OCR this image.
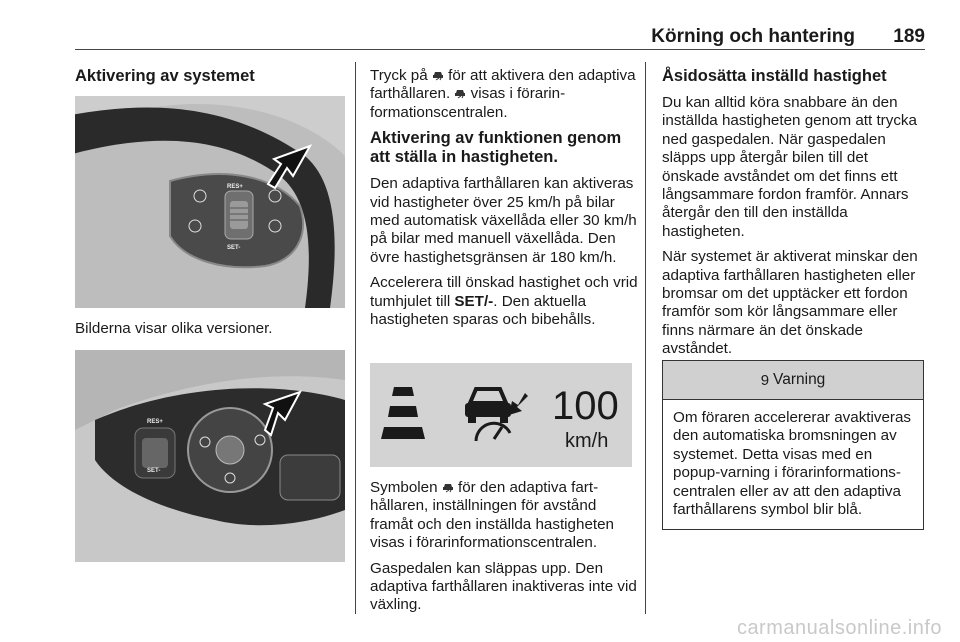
Körning och hantering 189
Aktivering av systemet
RES+
SET-

Bilderna visar olika versioner.

RES+
SET-

Tryck på  för att aktivera den adaptiva farthållaren.  visas i förarinformationscentralen.

Aktivering av funktionen genom att ställa in hastigheten.

Den adaptiva farthållaren kan aktiveras vid hastigheter över 25 km/h på bilar med automatisk växellåda eller 30 km/h på bilar med manuell växellåda. Den övre hastighetsgränsen är 180 km/h.

Accelerera till önskad hastighet och vrid tumhjulet till SET/-. Den aktuella hastigheten sparas och bibehålls.

100
km/h

Symbolen  för den adaptiva farthållaren, inställningen för avstånd framåt och den inställda hastigheten visas i förarinformationscentralen.

Gaspedalen kan släppas upp. Den adaptiva farthållaren inaktiveras inte vid växling.

Åsidosätta inställd hastighet

Du kan alltid köra snabbare än den inställda hastigheten genom att trycka ned gaspedalen. När gaspedalen släpps upp återgår bilen till det önskade avståndet om det finns ett långsammare fordon framför. Annars återgår den till den inställda hastigheten.

När systemet är aktiverat minskar den adaptiva farthållaren hastigheten eller bromsar om det upptäcker ett fordon framför som kör långsammare eller finns närmare än det önskade avståndet.

9 Varning
Om föraren accelererar avaktiveras den automatiska bromsningen av systemet. Detta visas med en popup-varning i förarinformationscentralen eller av att den adaptiva farthållarens symbol blir blå.
carmanualsonline.info
